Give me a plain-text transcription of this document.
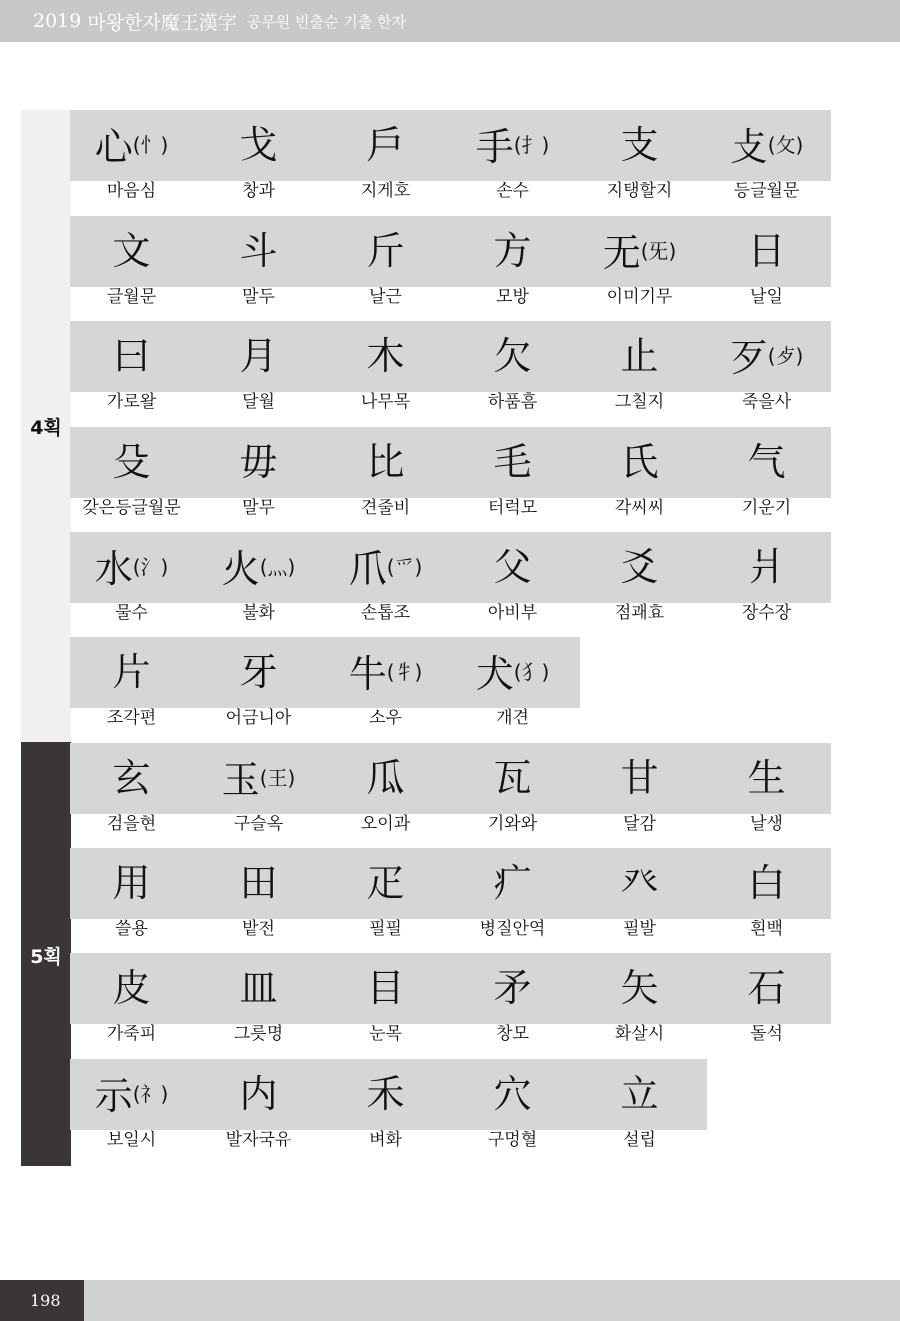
2019 마왕한자 魔王漢字 공무원 빈출순 기출 한자
4획
5획
心$^{(忄)}$
마음심
戈
창과
戶
지게호
手$^{(扌)}$
손수
支
지탱할지
攴$^{(攵)}$
등글월문
文
글월문
斗
말두
斤
날근
方
모방
无$^{(旡)}$
이미기무
日
날일
曰
가로왈
月
달월
木
나무목
欠
하품흠
止
그칠지
歹$^{(歺)}$
죽을사
殳
갖은등글월문
毋
말무
比
견줄비
毛
터럭모
氏
각씨씨
气
기운기
水$^{(氵)}$
물수
火$^{(灬)}$
불화
爪$^{(爫)}$
손톱조
父
아비부
爻
점괘효
爿
장수장
片
조각편
牙
어금니아
牛$^{(牜)}$
소우
犬$^{(犭)}$
개견
玄
검을현
玉$^{(王)}$
구슬옥
瓜
오이과
瓦
기와와
甘
달감
生
날생
用
쓸용
田
밭전
疋
필필
疒
병질안역
癶
필발
白
흰백
皮
가죽피
皿
그릇명
目
눈목
矛
창모
矢
화살시
石
돌석
示$^{(礻)}$
보일시
内
발자국유
禾
벼화
穴
구멍혈
立
설립
198
